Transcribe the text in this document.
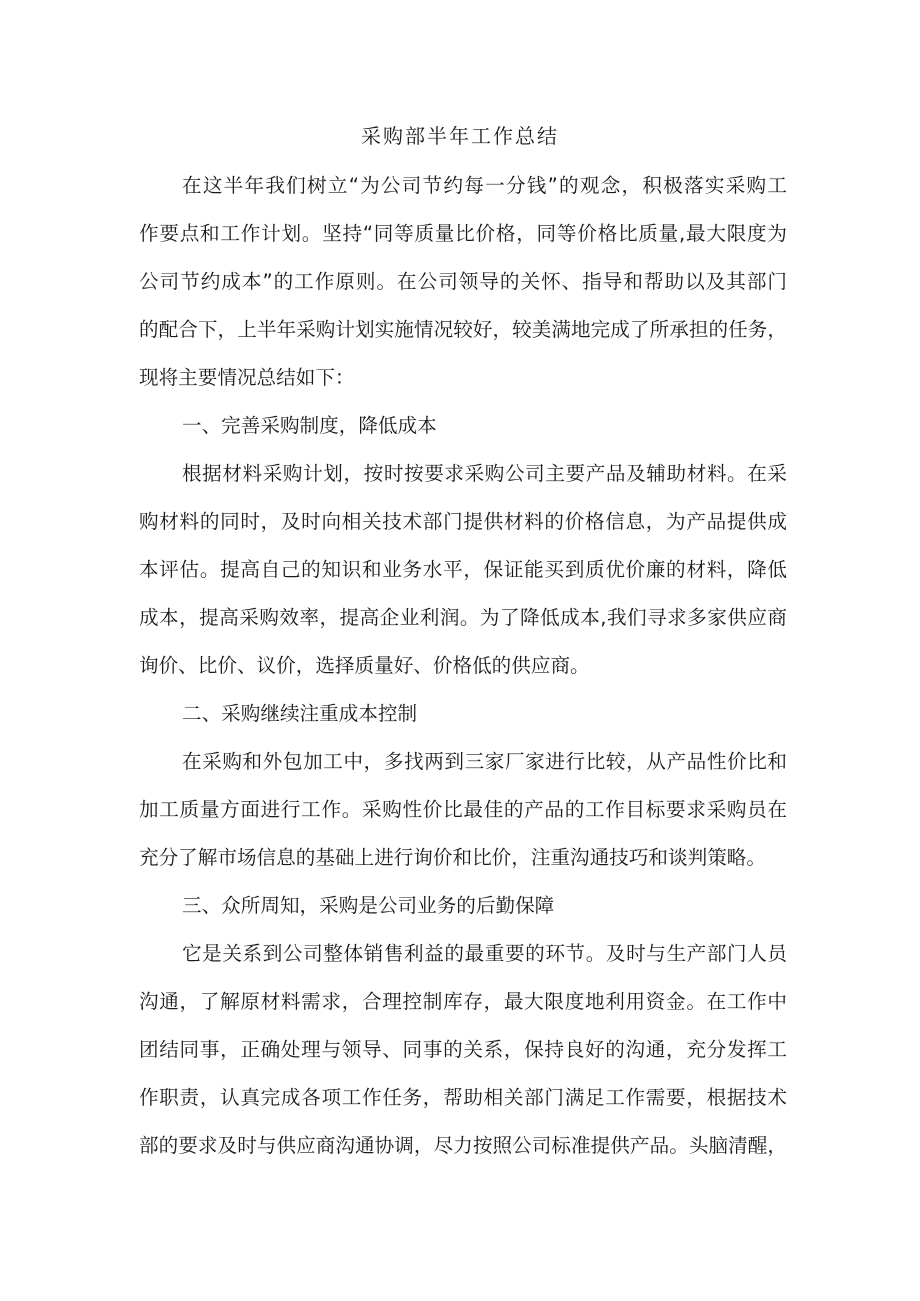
采购部半年工作总结
在这半年我们树立“为公司节约每一分钱”的观念，积极落实采购工
作要点和工作计划。坚持“同等质量比价格，同等价格比质量,最大限度为
公司节约成本”的工作原则。在公司领导的关怀、指导和帮助以及其部门
的配合下，上半年采购计划实施情况较好，较美满地完成了所承担的任务，
现将主要情况总结如下：
一、完善采购制度，降低成本
根据材料采购计划，按时按要求采购公司主要产品及辅助材料。在采
购材料的同时，及时向相关技术部门提供材料的价格信息，为产品提供成
本评估。提高自己的知识和业务水平，保证能买到质优价廉的材料，降低
成本，提高采购效率，提高企业利润。为了降低成本,我们寻求多家供应商
询价、比价、议价，选择质量好、价格低的供应商。
二、采购继续注重成本控制
在采购和外包加工中，多找两到三家厂家进行比较，从产品性价比和
加工质量方面进行工作。采购性价比最佳的产品的工作目标要求采购员在
充分了解市场信息的基础上进行询价和比价，注重沟通技巧和谈判策略。
三、众所周知，采购是公司业务的后勤保障
它是关系到公司整体销售利益的最重要的环节。及时与生产部门人员
沟通，了解原材料需求，合理控制库存，最大限度地利用资金。在工作中
团结同事，正确处理与领导、同事的关系，保持良好的沟通，充分发挥工
作职责，认真完成各项工作任务，帮助相关部门满足工作需要，根据技术
部的要求及时与供应商沟通协调，尽力按照公司标准提供产品。头脑清醒，
